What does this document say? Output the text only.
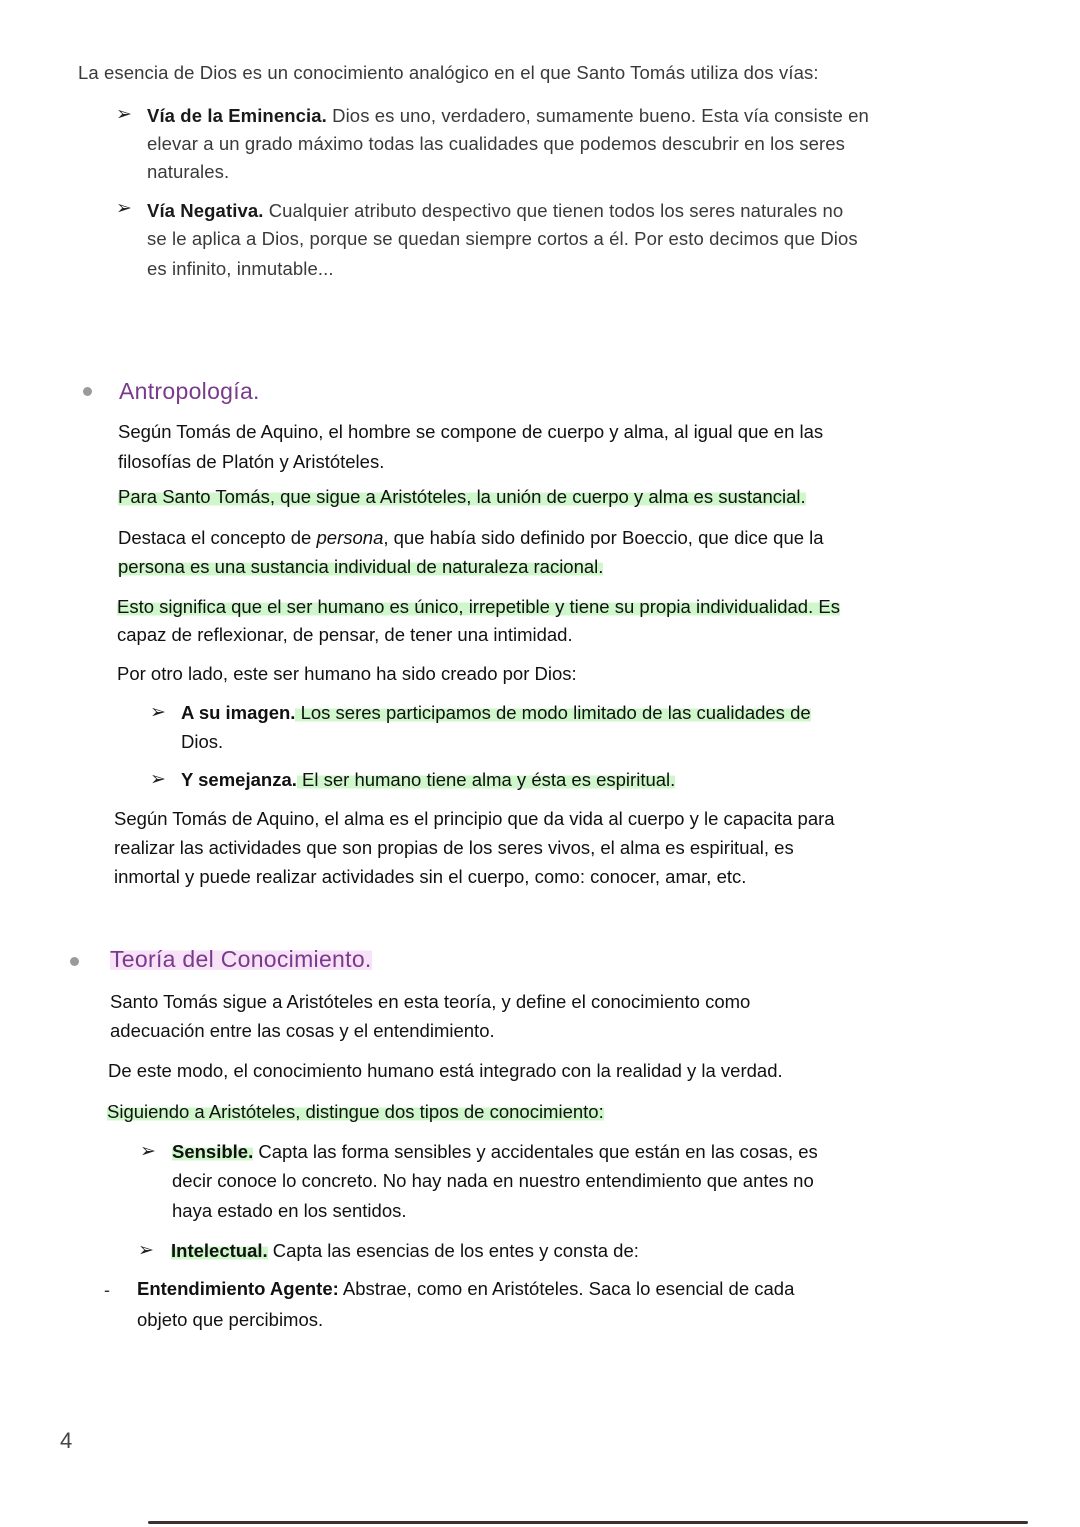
La esencia de Dios es un conocimiento analógico en el que Santo Tomás utiliza dos vías:
➢ Vía de la Eminencia. Dios es uno, verdadero, sumamente bueno. Esta vía consiste en
elevar a un grado máximo todas las cualidades que podemos descubrir en los seres
naturales.
➢ Vía Negativa. Cualquier atributo despectivo que tienen todos los seres naturales no
se le aplica a Dios, porque se quedan siempre cortos a él. Por esto decimos que Dios
es infinito, inmutable...
Antropología.
Según Tomás de Aquino, el hombre se compone de cuerpo y alma, al igual que en las
filosofías de Platón y Aristóteles.
Para Santo Tomás, que sigue a Aristóteles, la unión de cuerpo y alma es sustancial.
Destaca el concepto de persona, que había sido definido por Boeccio, que dice que la
persona es una sustancia individual de naturaleza racional.
Esto significa que el ser humano es único, irrepetible y tiene su propia individualidad. Es
capaz de reflexionar, de pensar, de tener una intimidad.
Por otro lado, este ser humano ha sido creado por Dios:
➢ A su imagen. Los seres participamos de modo limitado de las cualidades de
Dios.
➢ Y semejanza. El ser humano tiene alma y ésta es espiritual.
Según Tomás de Aquino, el alma es el principio que da vida al cuerpo y le capacita para
realizar las actividades que son propias de los seres vivos, el alma es espiritual, es
inmortal y puede realizar actividades sin el cuerpo, como: conocer, amar, etc.
Teoría del Conocimiento.
Santo Tomás sigue a Aristóteles en esta teoría, y define el conocimiento como
adecuación entre las cosas y el entendimiento.
De este modo, el conocimiento humano está integrado con la realidad y la verdad.
Siguiendo a Aristóteles, distingue dos tipos de conocimiento:
➢ Sensible. Capta las forma sensibles y accidentales que están en las cosas, es
decir conoce lo concreto. No hay nada en nuestro entendimiento que antes no
haya estado en los sentidos.
➢ Intelectual. Capta las esencias de los entes y consta de:
- Entendimiento Agente: Abstrae, como en Aristóteles. Saca lo esencial de cada
objeto que percibimos.
4
